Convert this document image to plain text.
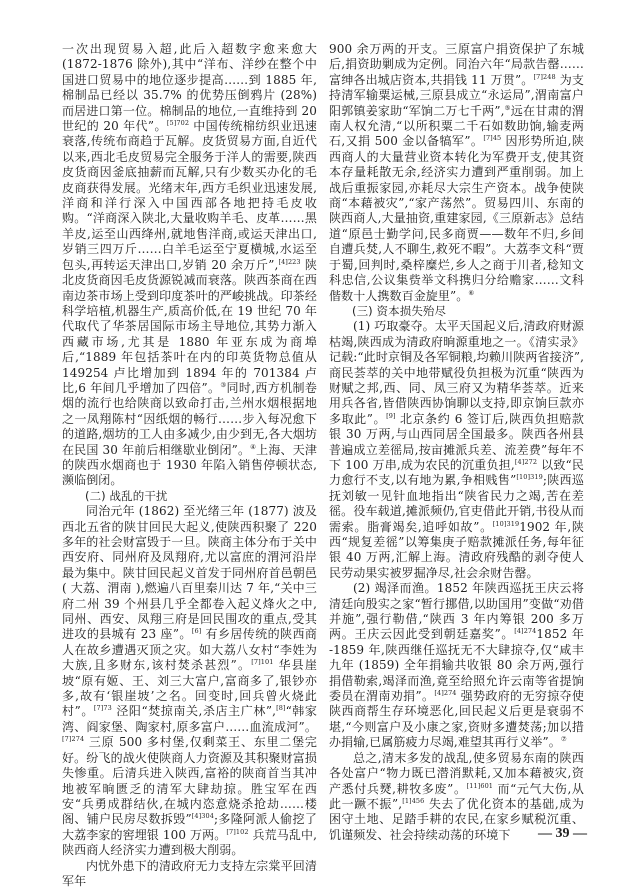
一次出现贸易入超,此后入超数字愈来愈大 (1872-1876 除外),其中“洋布、洋纱在整个中国进口贸易中的地位逐步提高……到 1885 年,棉制品已经以 35.7% 的优势压倒鸦片 (28%) 而居进口第一位。棉制品的地位,一直维持到 20 世纪的 20 年代”。$^{[5]702}$ 中国传统棉纺织业迅速衰落,传统布商趋于瓦解。皮货贸易方面,自近代以来,西北毛皮贸易完全服务于洋人的需要,陕西皮货商因釜底抽薪而瓦解,只有少数买办化的毛皮商获得发展。光绪末年,西方毛织业迅速发展,洋商和洋行深入中国西部各地把持毛皮收购。“洋商深入陕北,大量收购羊毛、皮革……黑羊皮,运至山西绛州,就地售洋商,或运天津出口,岁销三四万斤……白羊毛运至宁夏横城,水运至包头,再转运天津出口,岁销 20 余万斤”,$^{[4]223}$ 陕北皮货商因毛皮货源锐减而衰落。陕西茶商在西南边茶市场上受到印度茶叶的严峻挑战。印茶经科学培植,机器生产,质高价低,在 19 世纪 70 年代取代了华茶居国际市场主导地位,其势力渐入西藏市场,尤其是 1880 年亚东成为商埠后,“1889 年包括茶叶在内的印英货物总值从 149254 卢比增加到 1894 年的 701384 卢比,6 年间几乎增加了四倍”。③同时,西方机制卷烟的流行也给陕商以致命打击,兰州水烟根据地之一凤翔陈村“因纸烟的畅行……步入每况愈下的道路,烟坊的工人由多减少,由少到无,各大烟坊在民国 30 年前后相继歇业倒闭”。④上海、天津的陕西水烟商也于 1930 年陷入销售停顿状态,濒临倒闭。

(二) 战乱的干扰

同治元年 (1862) 至光绪三年 (1877) 波及西北五省的陕甘回民大起义,使陕西积聚了 220 多年的社会财富毁于一旦。陕商主体分布于关中西安府、同州府及凤翔府,尤以富庶的渭河沿岸最为集中。陕甘回民起义首发于同州府首邑朝邑 ( 大荔、渭南 ),燃遍八百里秦川达 7 年,“关中三府二州 39 个州县几乎全都卷入起义烽火之中,同州、西安、凤翔三府是回民围攻的重点,受其进攻的县城有 23 座”。[6] 有乡居传统的陕西商人在故乡遭遇灭顶之灾。如大荔八女村“李姓为大族,且多财东,该村焚杀甚烈”。$^{[7]101}$ 华县崖坡“原有姬、王、刘三大富户,富商多了,银钞亦多,故有‘银崖坡’之名。回变时,回兵曾火烧此村”。$^{[7]73}$ 泾阳“焚掠南关,杀店主广林”,[8]“韩家湾、阎家堡、陶家村,原多富户……血流成河”。$^{[7]274}$ 三原 500 多村堡,仅剩菜王、东里二堡完好。纷飞的战火使陕商人力资源及其积聚财富损失惨重。后清兵进入陕西,富裕的陕商首当其冲地被军晌匮乏的清军大肆劫掠。胜宝军在西安“兵勇成群结伙,在城内恣意烧杀抢劫……楼阁、铺户民房尽数拆毁”$^{[4]304}$;多隆阿派人偷挖了大荔李家的窖埋银 100 万两。$^{[7]102}$ 兵荒马乱中,陕西商人经济实力遭到极大削弱。

内忧外患下的清政府无力支持左宗棠平回清军年

900 余万两的开支。三原富户捐资保护了东城后,捐资助剿成为定例。同治六年“局款告罄……富绅各出城店资本,共捐钱 11 万贯”。$^{[7]248}$ 为支持清军输粟运械,三原县成立“永运局”,渭南富户阳郭镇姜家助“军饷二万七千两”,⑤远在甘肃的渭南人权允清,“以所积粟二千石如数助饷,输麦两石,又捐 500 金以备犒军”。$^{[7]45}$ 因形势所迫,陕西商人的大量营业资本转化为军费开支,使其资本存量耗散无余,经济实力遭到严重削弱。加上战后重振家园,亦耗尽大宗生产资本。战争使陕商“本藉被灾”,“家产荡然”。贸易四川、东南的陕西商人,大量抽资,重建家园,《三原新志》总结道“原邑士勤学问,民多商贾——数年不归,乡间自遭兵焚,人不聊生,救死不暇”。大荔李文科“贾于蜀,回判时,桑梓糜烂,乡人之商于川者,稔知文科忠信,公议集赀举文科携归分给赡家……文科偕数十人携数百金旋里”。⑥

(三) 资本损失殆尽

(1) 巧取豪夺。太平天国起义后,清政府财源枯竭,陕西成为清政府晌源重地之一。《清实录》记载:“此时京铜及各军铜粮,均赖川陕两省接济”,商民荟萃的关中地带赋役负担极为沉重“陕西为财赋之邦,西、同、凤三府又为精华荟萃。近来用兵各省,皆借陕西协饷聊以支持,即京饷巨款亦多取此”。[9] 北京条约 6 签订后,陕西负担赔款银 30 万两,与山西同居全国最多。陕西各州县普遍成立差徭局,按亩摊派兵差、流差费”每年不下 100 万串,成为农民的沉重负担,$^{[4]272}$ 以致“民力愈行不支,以有地为累,争相贱售”$^{[10]319}$;陕西巡抚刘敏一见针血地指出“陕省民力之竭,苦在差徭。役车载道,摊派频仍,官吏借此开销,书役从而需索。脂膏竭矣,追呼如故”。$^{[10]319}$1902 年,陕西“规复差徭”以筹集庚子赔款摊派任务,每年征银 40 万两,汇解上海。清政府残酷的剥夺使人民劳动果实被罗掘净尽,社会余财告罄。

(2) 竭泽而渔。1852 年陕西巡抚王庆云将清廷向殷实之家“暂行挪借,以助国用”变做“劝借并施”,强行勒借,“陕西 3 年内筹银 200 多万两。王庆云因此受到朝廷嘉奖”。$^{[4]274}$1852 年 -1859 年,陕西继任巡抚无不大肆掠夺,仅“咸丰九年 (1859) 全年捐输共收银 80 余万两,强行捐借勒索,竭泽而渔,竟至给照允许云南等省提饷委员在渭南劝捐”。$^{[4]274}$ 强势政府的无穷掠夺使陕西商帮生存环境恶化,回民起义后更是衰弱不堪,“今则富户及小康之家,资财多遭焚荡;加以措办捐输,已属筋疲力尽竭,难望其再行义举”。⑦

总之,清末多发的战乱,使多贸易东南的陕西各处富户“物力既已潜消默耗,又加本藉被灾,资产悉付兵燹,耕牧多废”。$^{[11]601}$ 而“元气大伤,从此一蹶不振”,$^{[1]456}$ 失去了优化资本的基础,成为困守土地、足踏手耕的农民,在家乡赋税沉重、饥谨频发、社会持续动荡的环境下	— 39 —
